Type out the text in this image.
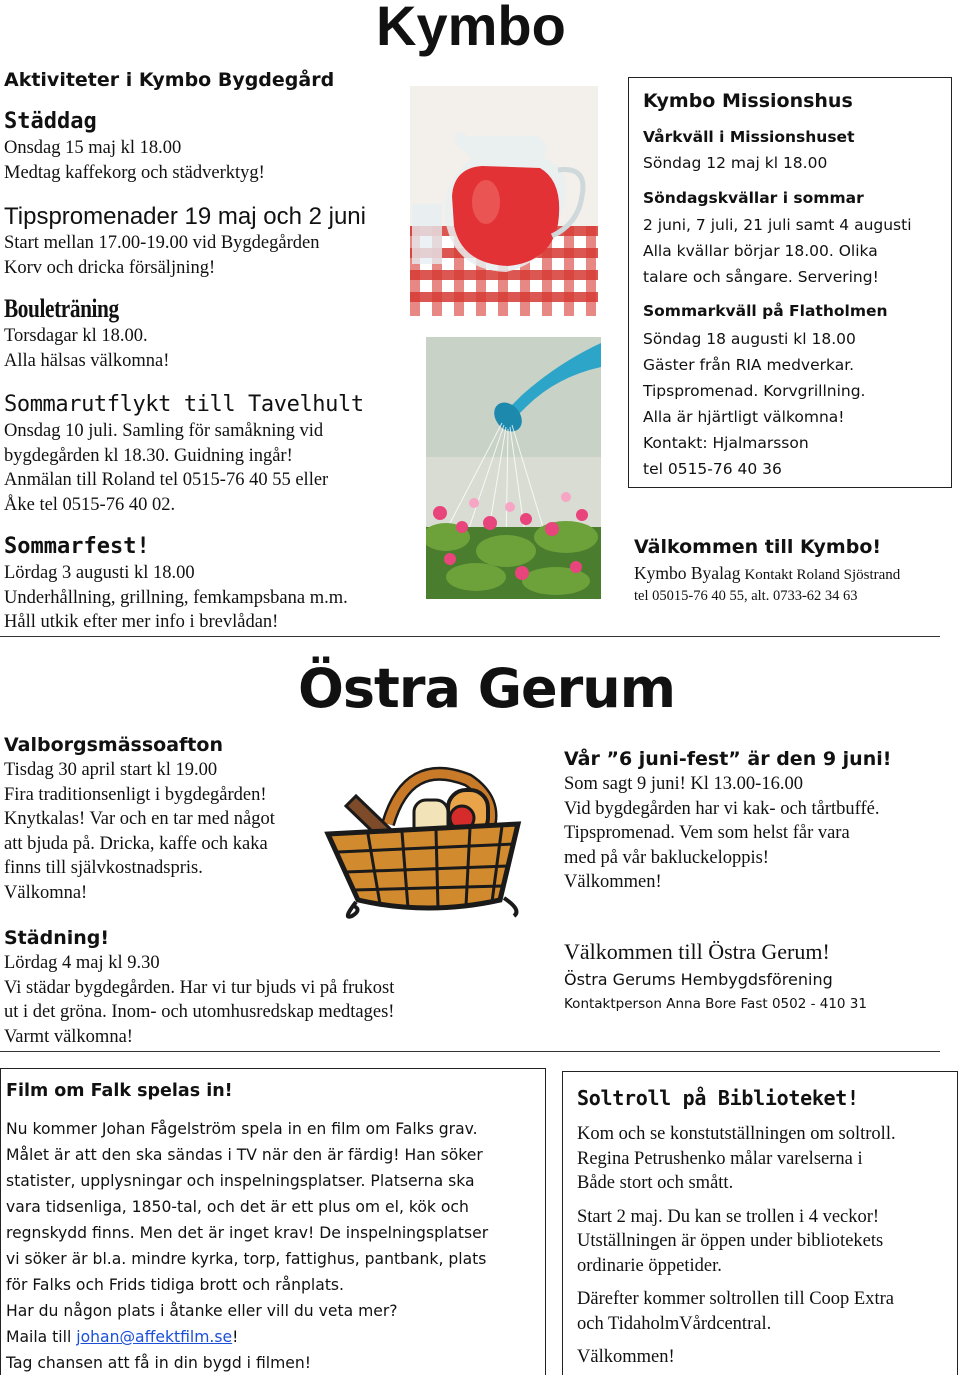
Kymbo
Aktiviteter i Kymbo Bygdegård
Städdag
Onsdag 15 maj kl 18.00
Medtag kaffekorg och städverktyg!
Tipspromenader 19 maj och 2 juni
Start mellan 17.00-19.00 vid Bygdegården
Korv och dricka försäljning!
Bouleträning
Torsdagar kl 18.00.
Alla hälsas välkomna!
Sommarutflykt till Tavelhult
Onsdag 10 juli. Samling för samåkning vid
bygdegården kl 18.30. Guidning ingår!
Anmälan till Roland tel 0515-76 40 55 eller
Åke tel 0515-76 40 02.
Sommarfest!
Lördag 3 augusti kl 18.00
Underhållning, grillning, femkampsbana m.m.
Håll utkik efter mer info i brevlådan!
Kymbo Missionshus
Vårkväll i Missionshuset
Söndag 12 maj kl 18.00
Söndagskvällar i sommar
2 juni, 7 juli, 21 juli samt 4 augusti
Alla kvällar börjar 18.00. Olika
talare och sångare. Servering!
Sommarkväll på Flatholmen
Söndag 18 augusti kl 18.00
Gäster från RIA medverkar.
Tipspromenad. Korvgrillning.
Alla är hjärtligt välkomna!
Kontakt: Hjalmarsson
tel 0515-76 40 36
Välkommen till Kymbo!
Kymbo Byalag Kontakt Roland Sjöstrand
tel 05015-76 40 55, alt. 0733-62 34 63
Östra Gerum
Valborgsmässoafton
Tisdag 30 april start kl 19.00
Fira traditionsenligt i bygdegården!
Knytkalas! Var och en tar med något
att bjuda på. Dricka, kaffe och kaka
finns till självkostnadspris.
Välkomna!
Städning!
Lördag 4 maj kl 9.30
Vi städar bygdegården. Har vi tur bjuds vi på frukost
ut i det gröna. Inom- och utomhusredskap medtages!
Varmt välkomna!
Vår ”6 juni-fest” är den 9 juni!
Som sagt 9 juni! Kl 13.00-16.00
Vid bygdegården har vi kak- och tårtbuffé.
Tipspromenad. Vem som helst får vara
med på vår bakluckeloppis!
Välkommen!
Välkommen till Östra Gerum!
Östra Gerums Hembygdsförening
Kontaktperson Anna Bore Fast 0502 - 410 31
Film om Falk spelas in!
Nu kommer Johan Fågelström spela in en film om Falks grav.
Målet är att den ska sändas i TV när den är färdig! Han söker
statister, upplysningar och inspelningsplatser. Platserna ska
vara tidsenliga, 1850-tal, och det är ett plus om el, kök och
regnskydd finns. Men det är inget krav! De inspelningsplatser
vi söker är bl.a. mindre kyrka, torp, fattighus, pantbank, plats
för Falks och Frids tidiga brott och rånplats.
Har du någon plats i åtanke eller vill du veta mer?
Maila till johan@affektfilm.se!
Tag chansen att få in din bygd i filmen!
Soltroll på Biblioteket!
Kom och se konstutställningen om soltroll.
Regina Petrushenko målar varelserna i
Både stort och smått.
Start 2 maj. Du kan se trollen i 4 veckor!
Utställningen är öppen under bibliotekets
ordinarie öppetider.
Därefter kommer soltrollen till Coop Extra
och TidaholmVårdcentral.
Välkommen!
